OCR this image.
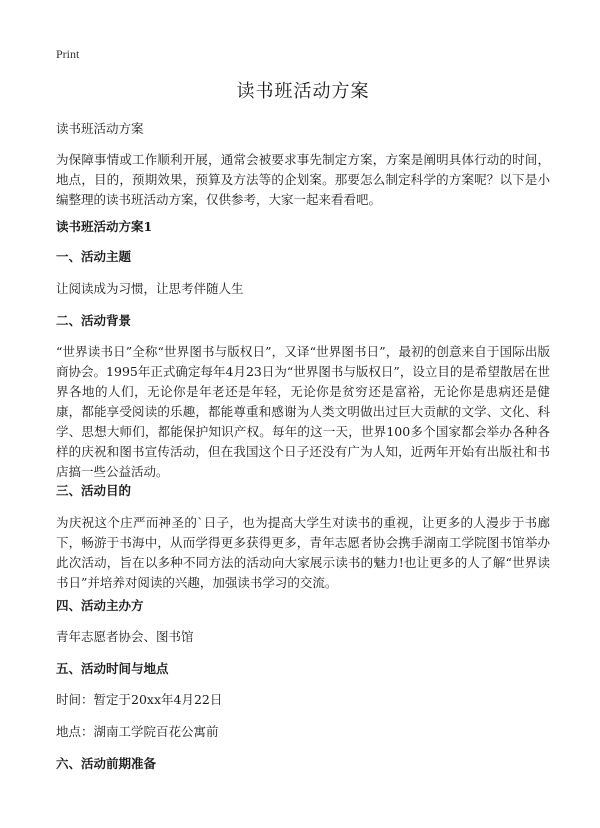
Print
读书班活动方案

读书班活动方案

为保障事情或工作顺利开展，通常会被要求事先制定方案，方案是阐明具体行动的时间，地点，目的，预期效果，预算及方法等的企划案。那要怎么制定科学的方案呢？以下是小编整理的读书班活动方案，仅供参考，大家一起来看看吧。

读书班活动方案1

一、活动主题

让阅读成为习惯，让思考伴随人生

二、活动背景

“世界读书日”全称“世界图书与版权日”，又译“世界图书日”，最初的创意来自于国际出版商协会。1995年正式确定每年4月23日为“世界图书与版权日”，设立目的是希望散居在世界各地的人们，无论你是年老还是年轻，无论你是贫穷还是富裕，无论你是患病还是健康，都能享受阅读的乐趣，都能尊重和感谢为人类文明做出过巨大贡献的文学、文化、科学、思想大师们，都能保护知识产权。每年的这一天，世界100多个国家都会举办各种各样的庆祝和图书宣传活动，但在我国这个日子还没有广为人知，近两年开始有出版社和书店搞一些公益活动。

三、活动目的

为庆祝这个庄严而神圣的`日子，也为提高大学生对读书的重视，让更多的人漫步于书廊下，畅游于书海中，从而学得更多获得更多，青年志愿者协会携手湖南工学院图书馆举办此次活动，旨在以多种不同方法的活动向大家展示读书的魅力!也让更多的人了解“世界读书日”并培养对阅读的兴趣，加强读书学习的交流。

四、活动主办方

青年志愿者协会、图书馆

五、活动时间与地点

时间：暂定于20xx年4月22日

地点：湖南工学院百花公寓前

六、活动前期准备
